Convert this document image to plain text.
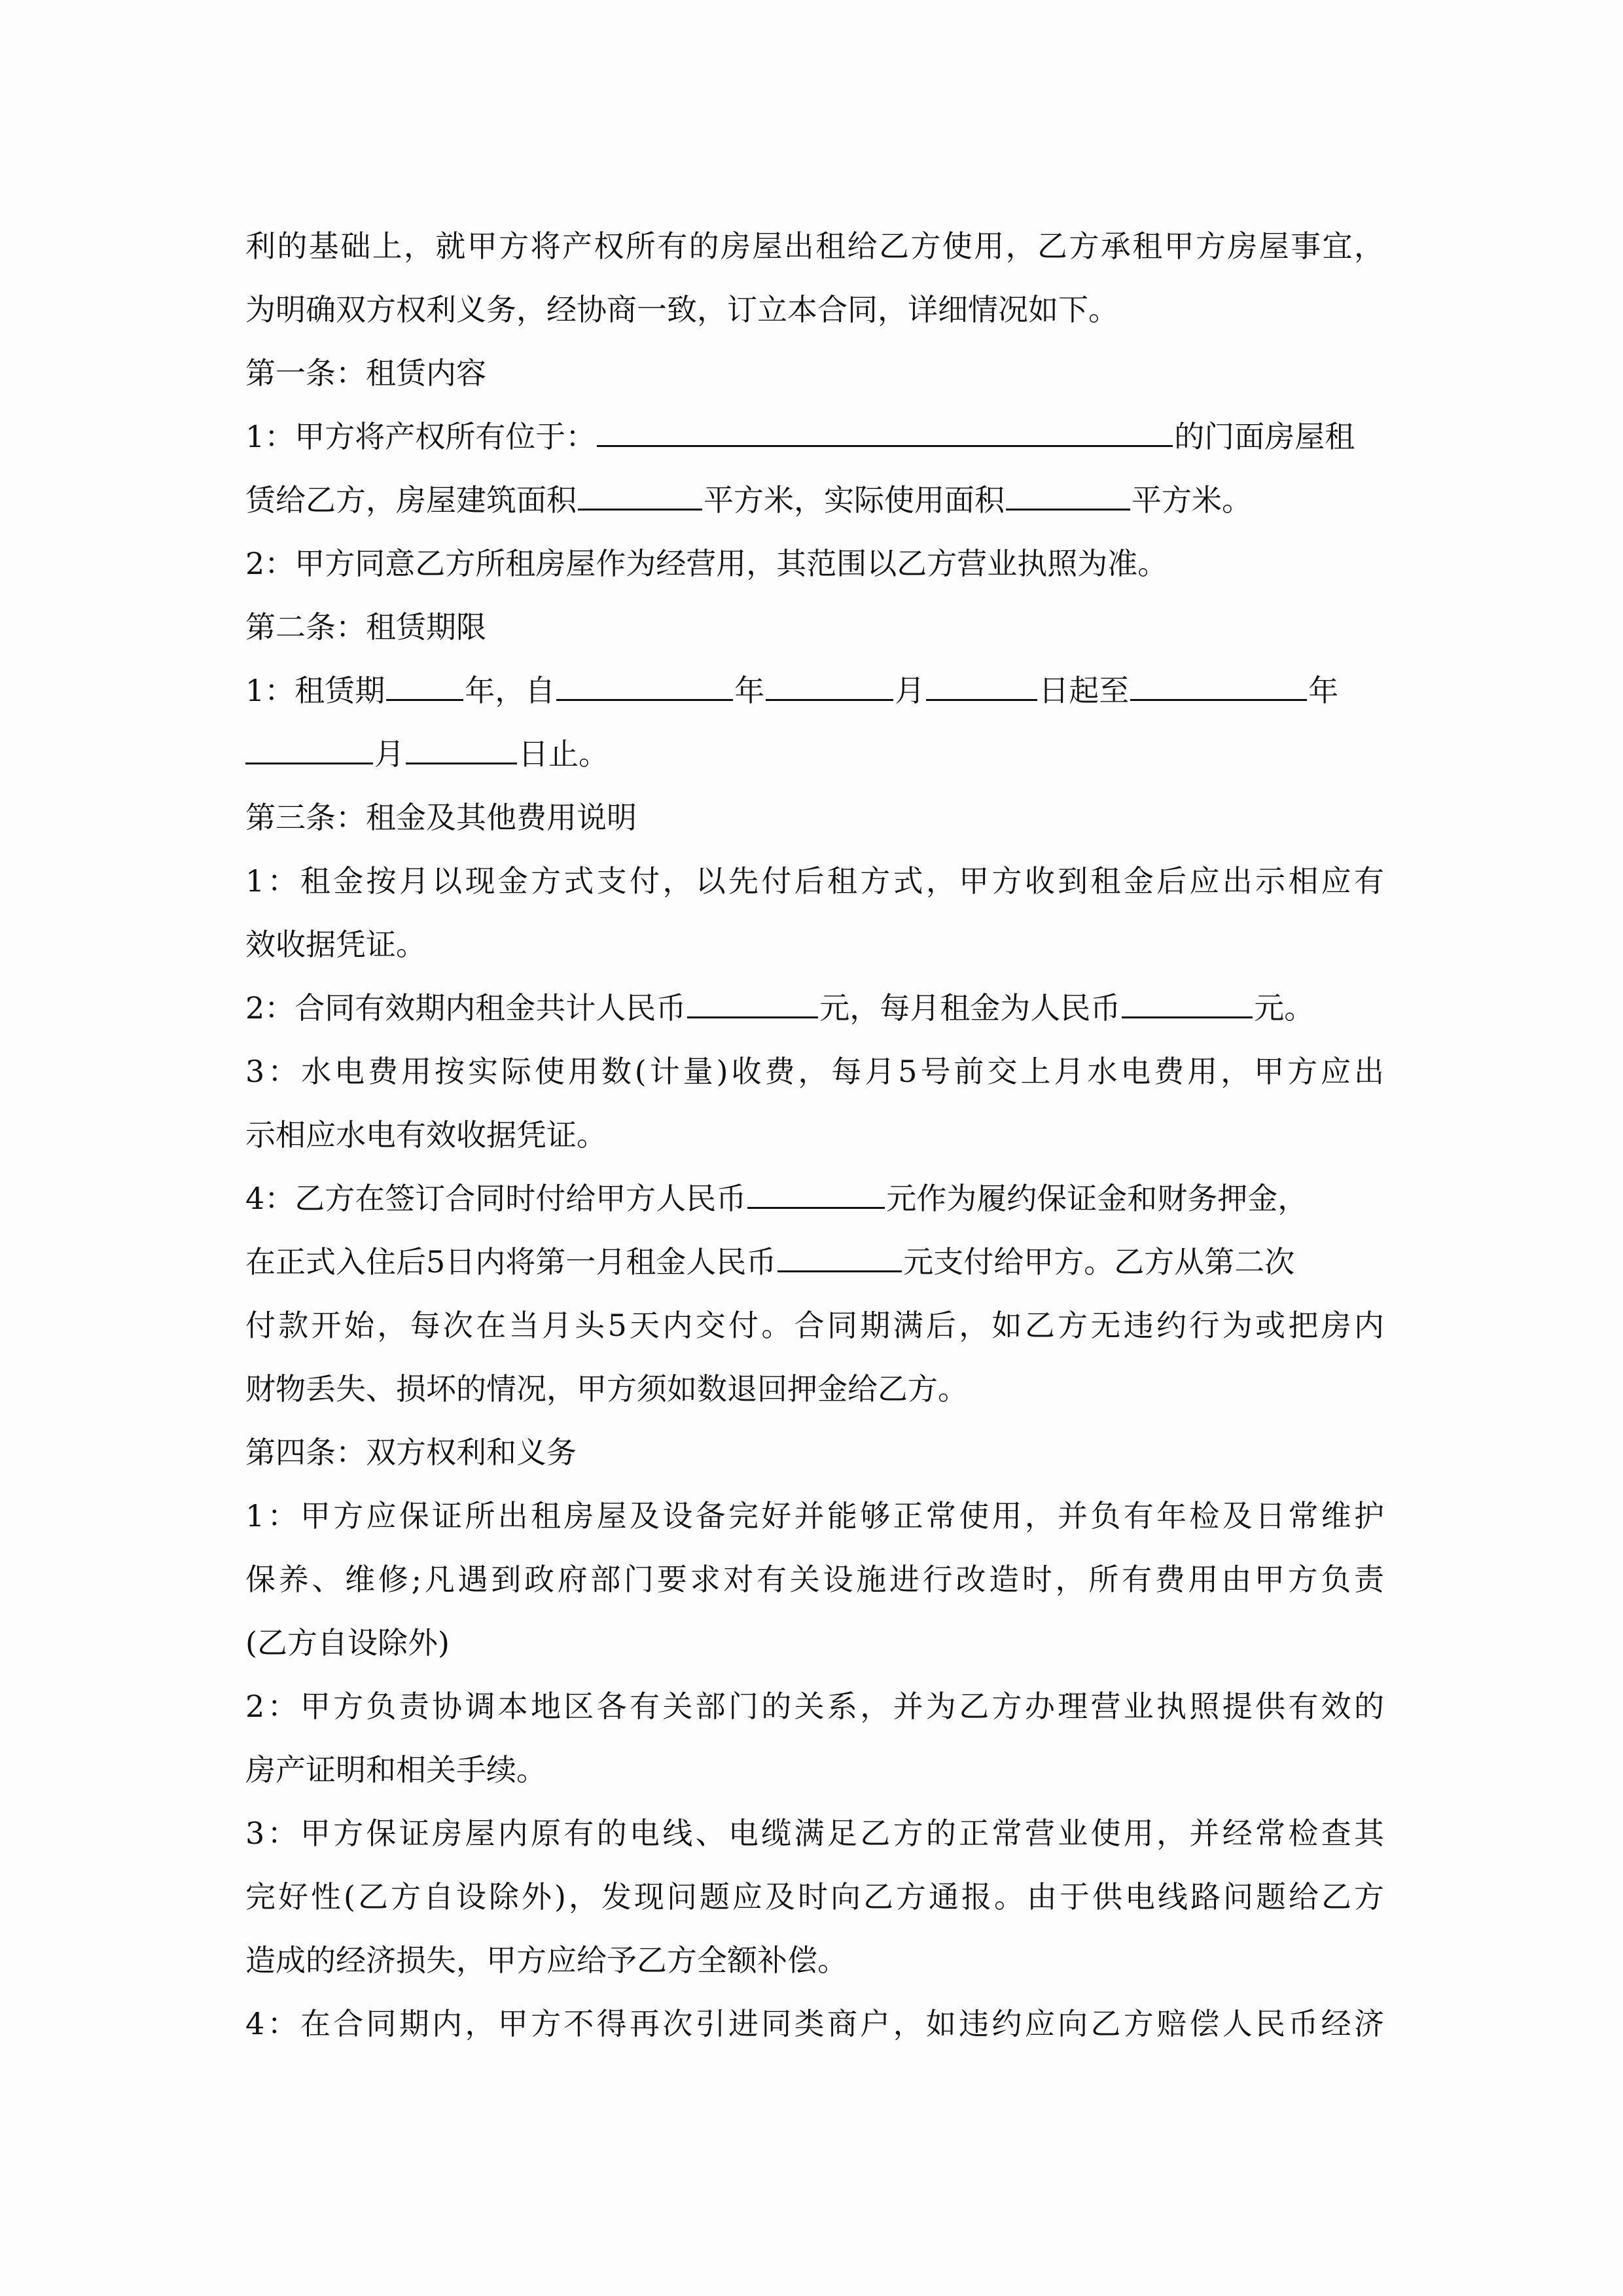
利的基础上，就甲方将产权所有的房屋出租给乙方使用，乙方承租甲方房屋事宜，
为明确双方权利义务，经协商一致，订立本合同，详细情况如下。
第一条：租赁内容
1：甲方将产权所有位于：	的门面房屋租
赁给乙方，房屋建筑面积	平方米，实际使用面积	平方米。
2：甲方同意乙方所租房屋作为经营用，其范围以乙方营业执照为准。
第二条：租赁期限
1：租赁期	年，自	年	月	日起至	年
月	日止。
第三条：租金及其他费用说明
1：租金按月以现金方式支付，以先付后租方式，甲方收到租金后应出示相应有
效收据凭证。
2：合同有效期内租金共计人民币	元，每月租金为人民币	元。
3：水电费用按实际使用数(计量)收费，每月5号前交上月水电费用，甲方应出
示相应水电有效收据凭证。
4：乙方在签订合同时付给甲方人民币	元作为履约保证金和财务押金，
在正式入住后5日内将第一月租金人民币	元支付给甲方。乙方从第二次
付款开始，每次在当月头5天内交付。合同期满后，如乙方无违约行为或把房内
财物丢失、损坏的情况，甲方须如数退回押金给乙方。
第四条：双方权利和义务
1：甲方应保证所出租房屋及设备完好并能够正常使用，并负有年检及日常维护
保养、维修;凡遇到政府部门要求对有关设施进行改造时，所有费用由甲方负责
(乙方自设除外)
2：甲方负责协调本地区各有关部门的关系，并为乙方办理营业执照提供有效的
房产证明和相关手续。
3：甲方保证房屋内原有的电线、电缆满足乙方的正常营业使用，并经常检查其
完好性(乙方自设除外)，发现问题应及时向乙方通报。由于供电线路问题给乙方
造成的经济损失，甲方应给予乙方全额补偿。
4：在合同期内，甲方不得再次引进同类商户，如违约应向乙方赔偿人民币经济
